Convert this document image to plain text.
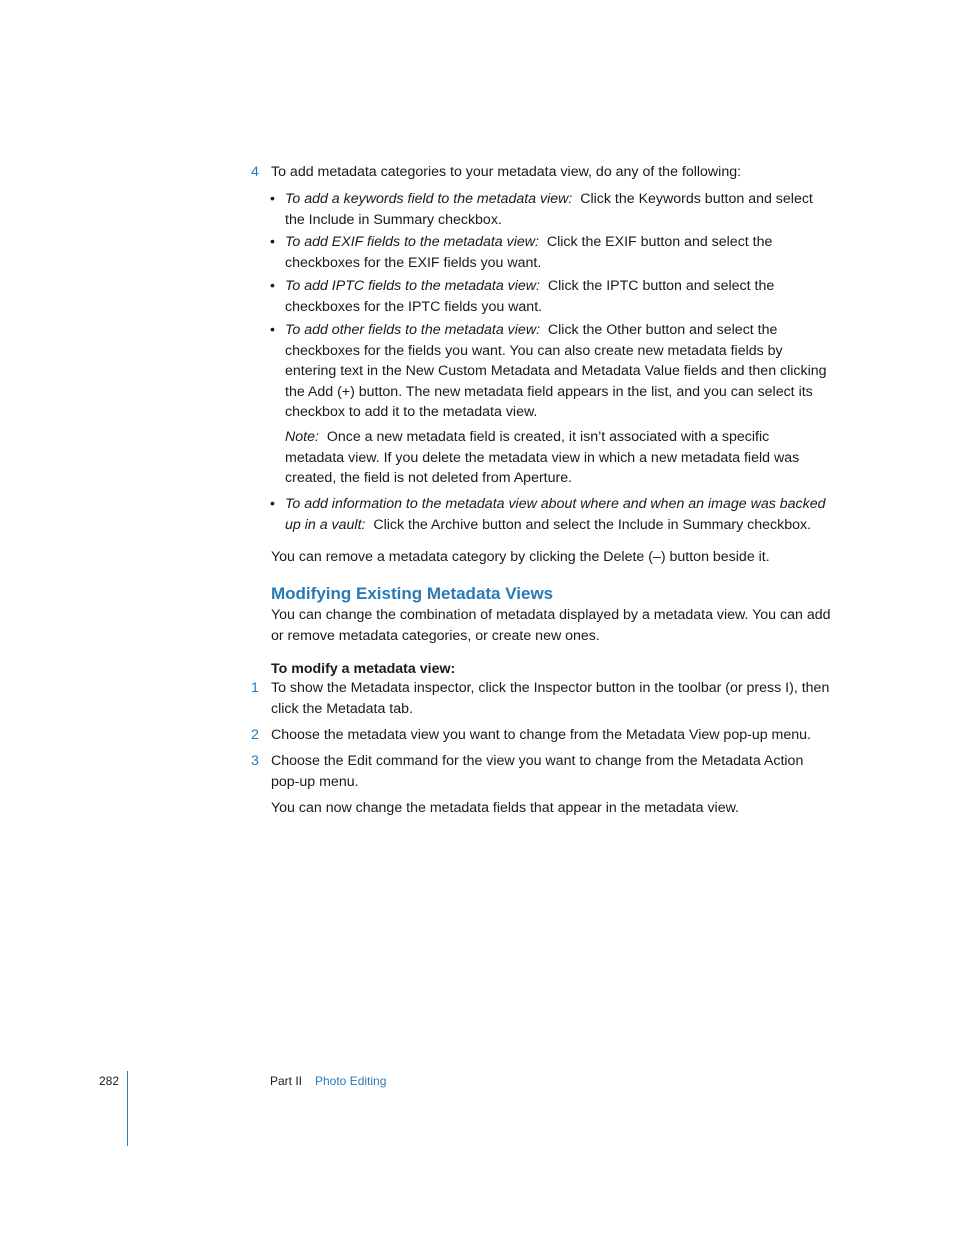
4 To add metadata categories to your metadata view, do any of the following:

• To add a keywords field to the metadata view: Click the Keywords button and select the Include in Summary checkbox.

• To add EXIF fields to the metadata view: Click the EXIF button and select the checkboxes for the EXIF fields you want.

• To add IPTC fields to the metadata view: Click the IPTC button and select the checkboxes for the IPTC fields you want.

• To add other fields to the metadata view: Click the Other button and select the checkboxes for the fields you want. You can also create new metadata fields by entering text in the New Custom Metadata and Metadata Value fields and then clicking the Add (+) button. The new metadata field appears in the list, and you can select its checkbox to add it to the metadata view.

Note: Once a new metadata field is created, it isn’t associated with a specific metadata view. If you delete the metadata view in which a new metadata field was created, the field is not deleted from Aperture.

• To add information to the metadata view about where and when an image was backed up in a vault: Click the Archive button and select the Include in Summary checkbox.

You can remove a metadata category by clicking the Delete (–) button beside it.

Modifying Existing Metadata Views

You can change the combination of metadata displayed by a metadata view. You can add or remove metadata categories, or create new ones.

To modify a metadata view:

1 To show the Metadata inspector, click the Inspector button in the toolbar (or press I), then click the Metadata tab.

2 Choose the metadata view you want to change from the Metadata View pop-up menu.

3 Choose the Edit command for the view you want to change from the Metadata Action pop-up menu.

You can now change the metadata fields that appear in the metadata view.

282	Part II Photo Editing
